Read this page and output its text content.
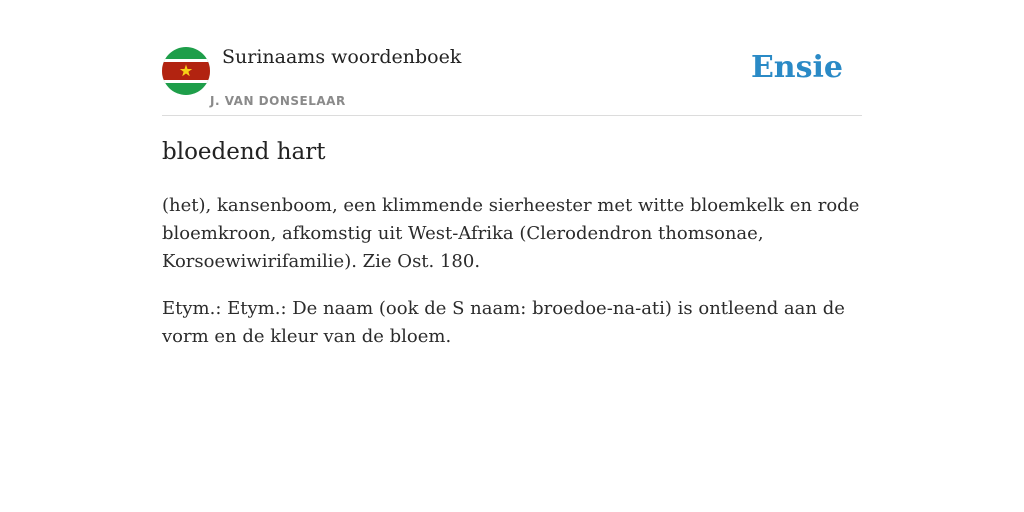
Surinaams woordenboek
J. VAN DONSELAAR
Ensie
bloedend hart

(het), kansenboom, een klimmende sierheester met witte bloemkelk en rode bloemkroon, afkomstig uit West-Afrika (Clerodendron thomsonae, Korsoewiwirifamilie). Zie Ost. 180.

Etym.: Etym.: De naam (ook de S naam: broedoe-na-ati) is ontleend aan de vorm en de kleur van de bloem.
